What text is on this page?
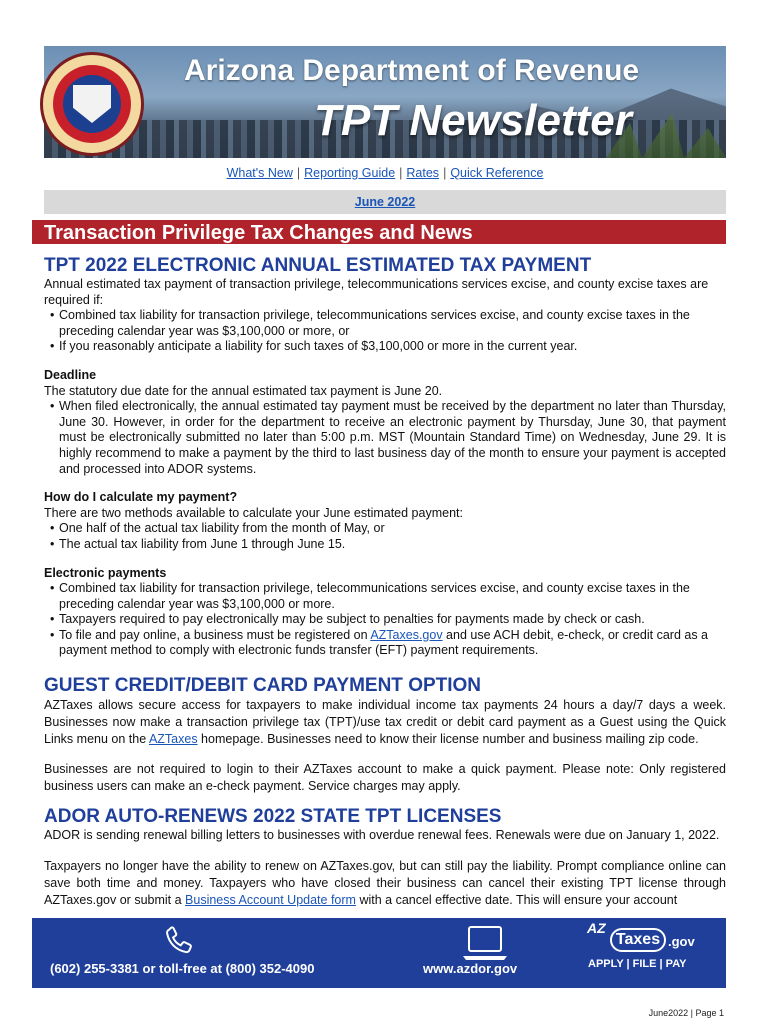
Arizona Department of Revenue
TPT Newsletter
What's New | Reporting Guide | Rates | Quick Reference
June 2022
Transaction Privilege Tax Changes and News
TPT 2022 ELECTRONIC ANNUAL ESTIMATED TAX PAYMENT

Annual estimated tax payment of transaction privilege, telecommunications services excise, and county excise taxes are required if:

• Combined tax liability for transaction privilege, telecommunications services excise, and county excise taxes in the preceding calendar year was $3,100,000 or more, or
• If you reasonably anticipate a liability for such taxes of $3,100,000 or more in the current year.
Deadline

The statutory due date for the annual estimated tax payment is June 20.

• When filed electronically, the annual estimated tay payment must be received by the department no later than Thursday, June 30. However, in order for the department to receive an electronic payment by Thursday, June 30, that payment must be electronically submitted no later than 5:00 p.m. MST (Mountain Standard Time) on Wednesday, June 29. It is highly recommend to make a payment by the third to last business day of the month to ensure your payment is accepted and processed into ADOR systems.
How do I calculate my payment?

There are two methods available to calculate your June estimated payment:

• One half of the actual tax liability from the month of May, or
• The actual tax liability from June 1 through June 15.
Electronic payments
• Combined tax liability for transaction privilege, telecommunications services excise, and county excise taxes in the preceding calendar year was $3,100,000 or more.
• Taxpayers required to pay electronically may be subject to penalties for payments made by check or cash.
• To file and pay online, a business must be registered on AZTaxes.gov and use ACH debit, e-check, or credit card as a payment method to comply with electronic funds transfer (EFT) payment requirements.
GUEST CREDIT/DEBIT CARD PAYMENT OPTION

AZTaxes allows secure access for taxpayers to make individual income tax payments 24 hours a day/7 days a week. Businesses now make a transaction privilege tax (TPT)/use tax credit or debit card payment as a Guest using the Quick Links menu on the AZTaxes homepage. Businesses need to know their license number and business mailing zip code.

Businesses are not required to login to their AZTaxes account to make a quick payment. Please note: Only registered business users can make an e-check payment. Service charges may apply.

ADOR AUTO-RENEWS 2022 STATE TPT LICENSES

ADOR is sending renewal billing letters to businesses with overdue renewal fees. Renewals were due on January 1, 2022.

Taxpayers no longer have the ability to renew on AZTaxes.gov, but can still pay the liability. Prompt compliance online can save both time and money. Taxpayers who have closed their business can cancel their existing TPT license through AZTaxes.gov or submit a Business Account Update form with a cancel effective date. This will ensure your account

(602) 255-3381 or toll-free at (800) 352-4090	www.azdor.gov
AZ
Taxes .gov
APPLY | FILE | PAY
June2022 | Page 1
